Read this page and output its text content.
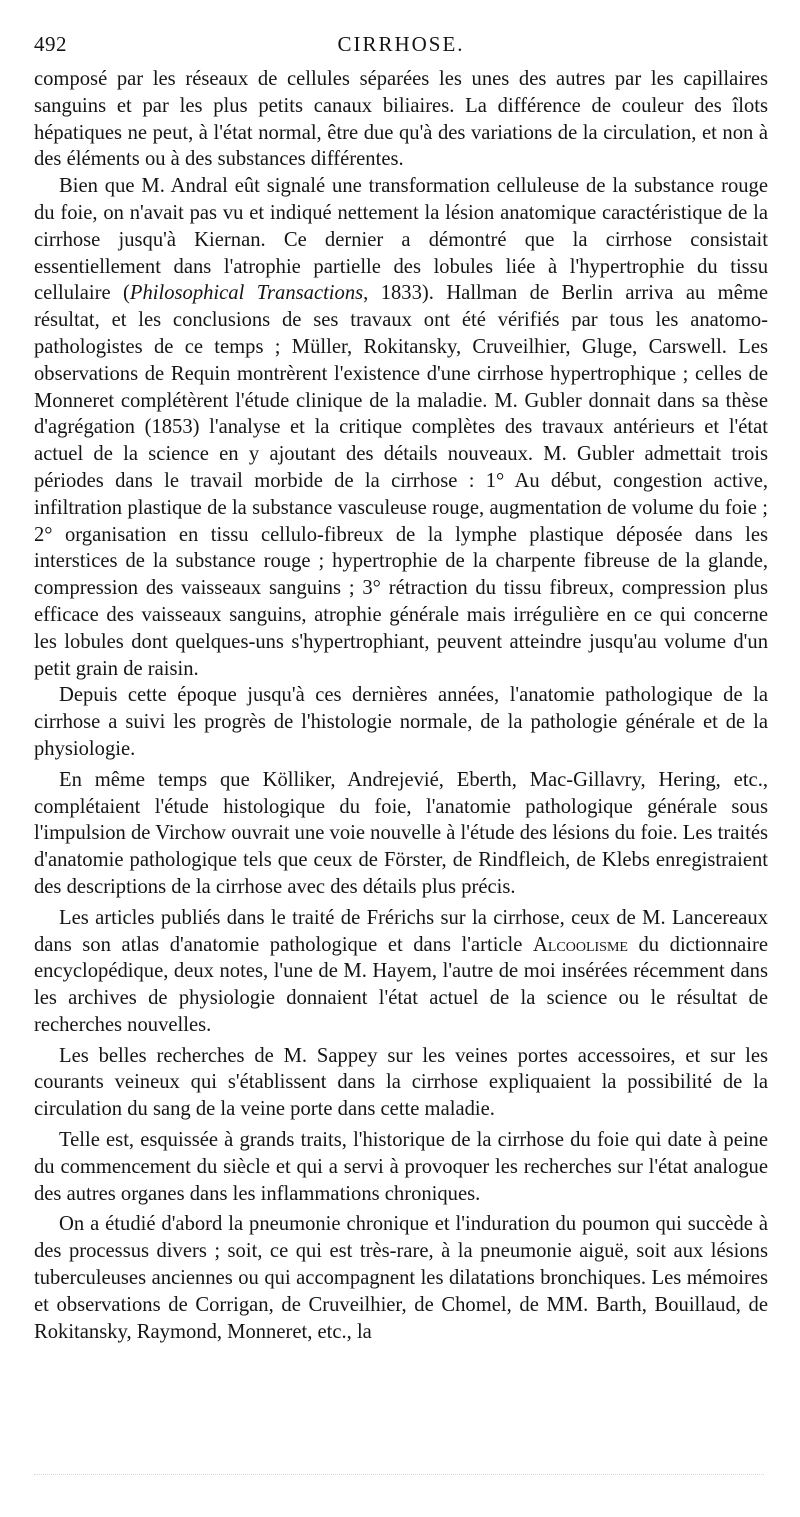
492	CIRRHOSE.

composé par les réseaux de cellules séparées les unes des autres par les capillaires sanguins et par les plus petits canaux biliaires. La différence de couleur des îlots hépatiques ne peut, à l'état normal, être due qu'à des variations de la circulation, et non à des éléments ou à des substances différentes.

Bien que M. Andral eût signalé une transformation celluleuse de la substance rouge du foie, on n'avait pas vu et indiqué nettement la lésion anatomique caractéristique de la cirrhose jusqu'à Kiernan. Ce dernier a démontré que la cirrhose consistait essentiellement dans l'atrophie partielle des lobules liée à l'hypertrophie du tissu cellulaire (Philosophical Transactions, 1833). Hallman de Berlin arriva au même résultat, et les conclusions de ses travaux ont été vérifiés par tous les anatomo-pathologistes de ce temps ; Müller, Rokitansky, Cruveilhier, Gluge, Carswell. Les observations de Requin montrèrent l'existence d'une cirrhose hypertrophique ; celles de Monneret complétèrent l'étude clinique de la maladie. M. Gubler donnait dans sa thèse d'agrégation (1853) l'analyse et la critique complètes des travaux antérieurs et l'état actuel de la science en y ajoutant des détails nouveaux. M. Gubler admettait trois périodes dans le travail morbide de la cirrhose : 1° Au début, congestion active, infiltration plastique de la substance vasculeuse rouge, augmentation de volume du foie ; 2° organisation en tissu cellulo-fibreux de la lymphe plastique déposée dans les interstices de la substance rouge ; hypertrophie de la charpente fibreuse de la glande, compression des vaisseaux sanguins ; 3° rétraction du tissu fibreux, compression plus efficace des vaisseaux sanguins, atrophie générale mais irrégulière en ce qui concerne les lobules dont quelques-uns s'hypertrophiant, peuvent atteindre jusqu'au volume d'un petit grain de raisin.

Depuis cette époque jusqu'à ces dernières années, l'anatomie pathologique de la cirrhose a suivi les progrès de l'histologie normale, de la pathologie générale et de la physiologie.

En même temps que Kölliker, Andrejevié, Eberth, Mac-Gillavry, Hering, etc., complétaient l'étude histologique du foie, l'anatomie pathologique générale sous l'impulsion de Virchow ouvrait une voie nouvelle à l'étude des lésions du foie. Les traités d'anatomie pathologique tels que ceux de Förster, de Rindfleich, de Klebs enregistraient des descriptions de la cirrhose avec des détails plus précis.

Les articles publiés dans le traité de Frérichs sur la cirrhose, ceux de M. Lancereaux dans son atlas d'anatomie pathologique et dans l'article Alcoolisme du dictionnaire encyclopédique, deux notes, l'une de M. Hayem, l'autre de moi insérées récemment dans les archives de physiologie donnaient l'état actuel de la science ou le résultat de recherches nouvelles.

Les belles recherches de M. Sappey sur les veines portes accessoires, et sur les courants veineux qui s'établissent dans la cirrhose expliquaient la possibilité de la circulation du sang de la veine porte dans cette maladie.

Telle est, esquissée à grands traits, l'historique de la cirrhose du foie qui date à peine du commencement du siècle et qui a servi à provoquer les recherches sur l'état analogue des autres organes dans les inflammations chroniques.

On a étudié d'abord la pneumonie chronique et l'induration du poumon qui succède à des processus divers ; soit, ce qui est très-rare, à la pneumonie aiguë, soit aux lésions tuberculeuses anciennes ou qui accompagnent les dilatations bronchiques. Les mémoires et observations de Corrigan, de Cruveilhier, de Chomel, de MM. Barth, Bouillaud, de Rokitansky, Raymond, Monneret, etc., la
